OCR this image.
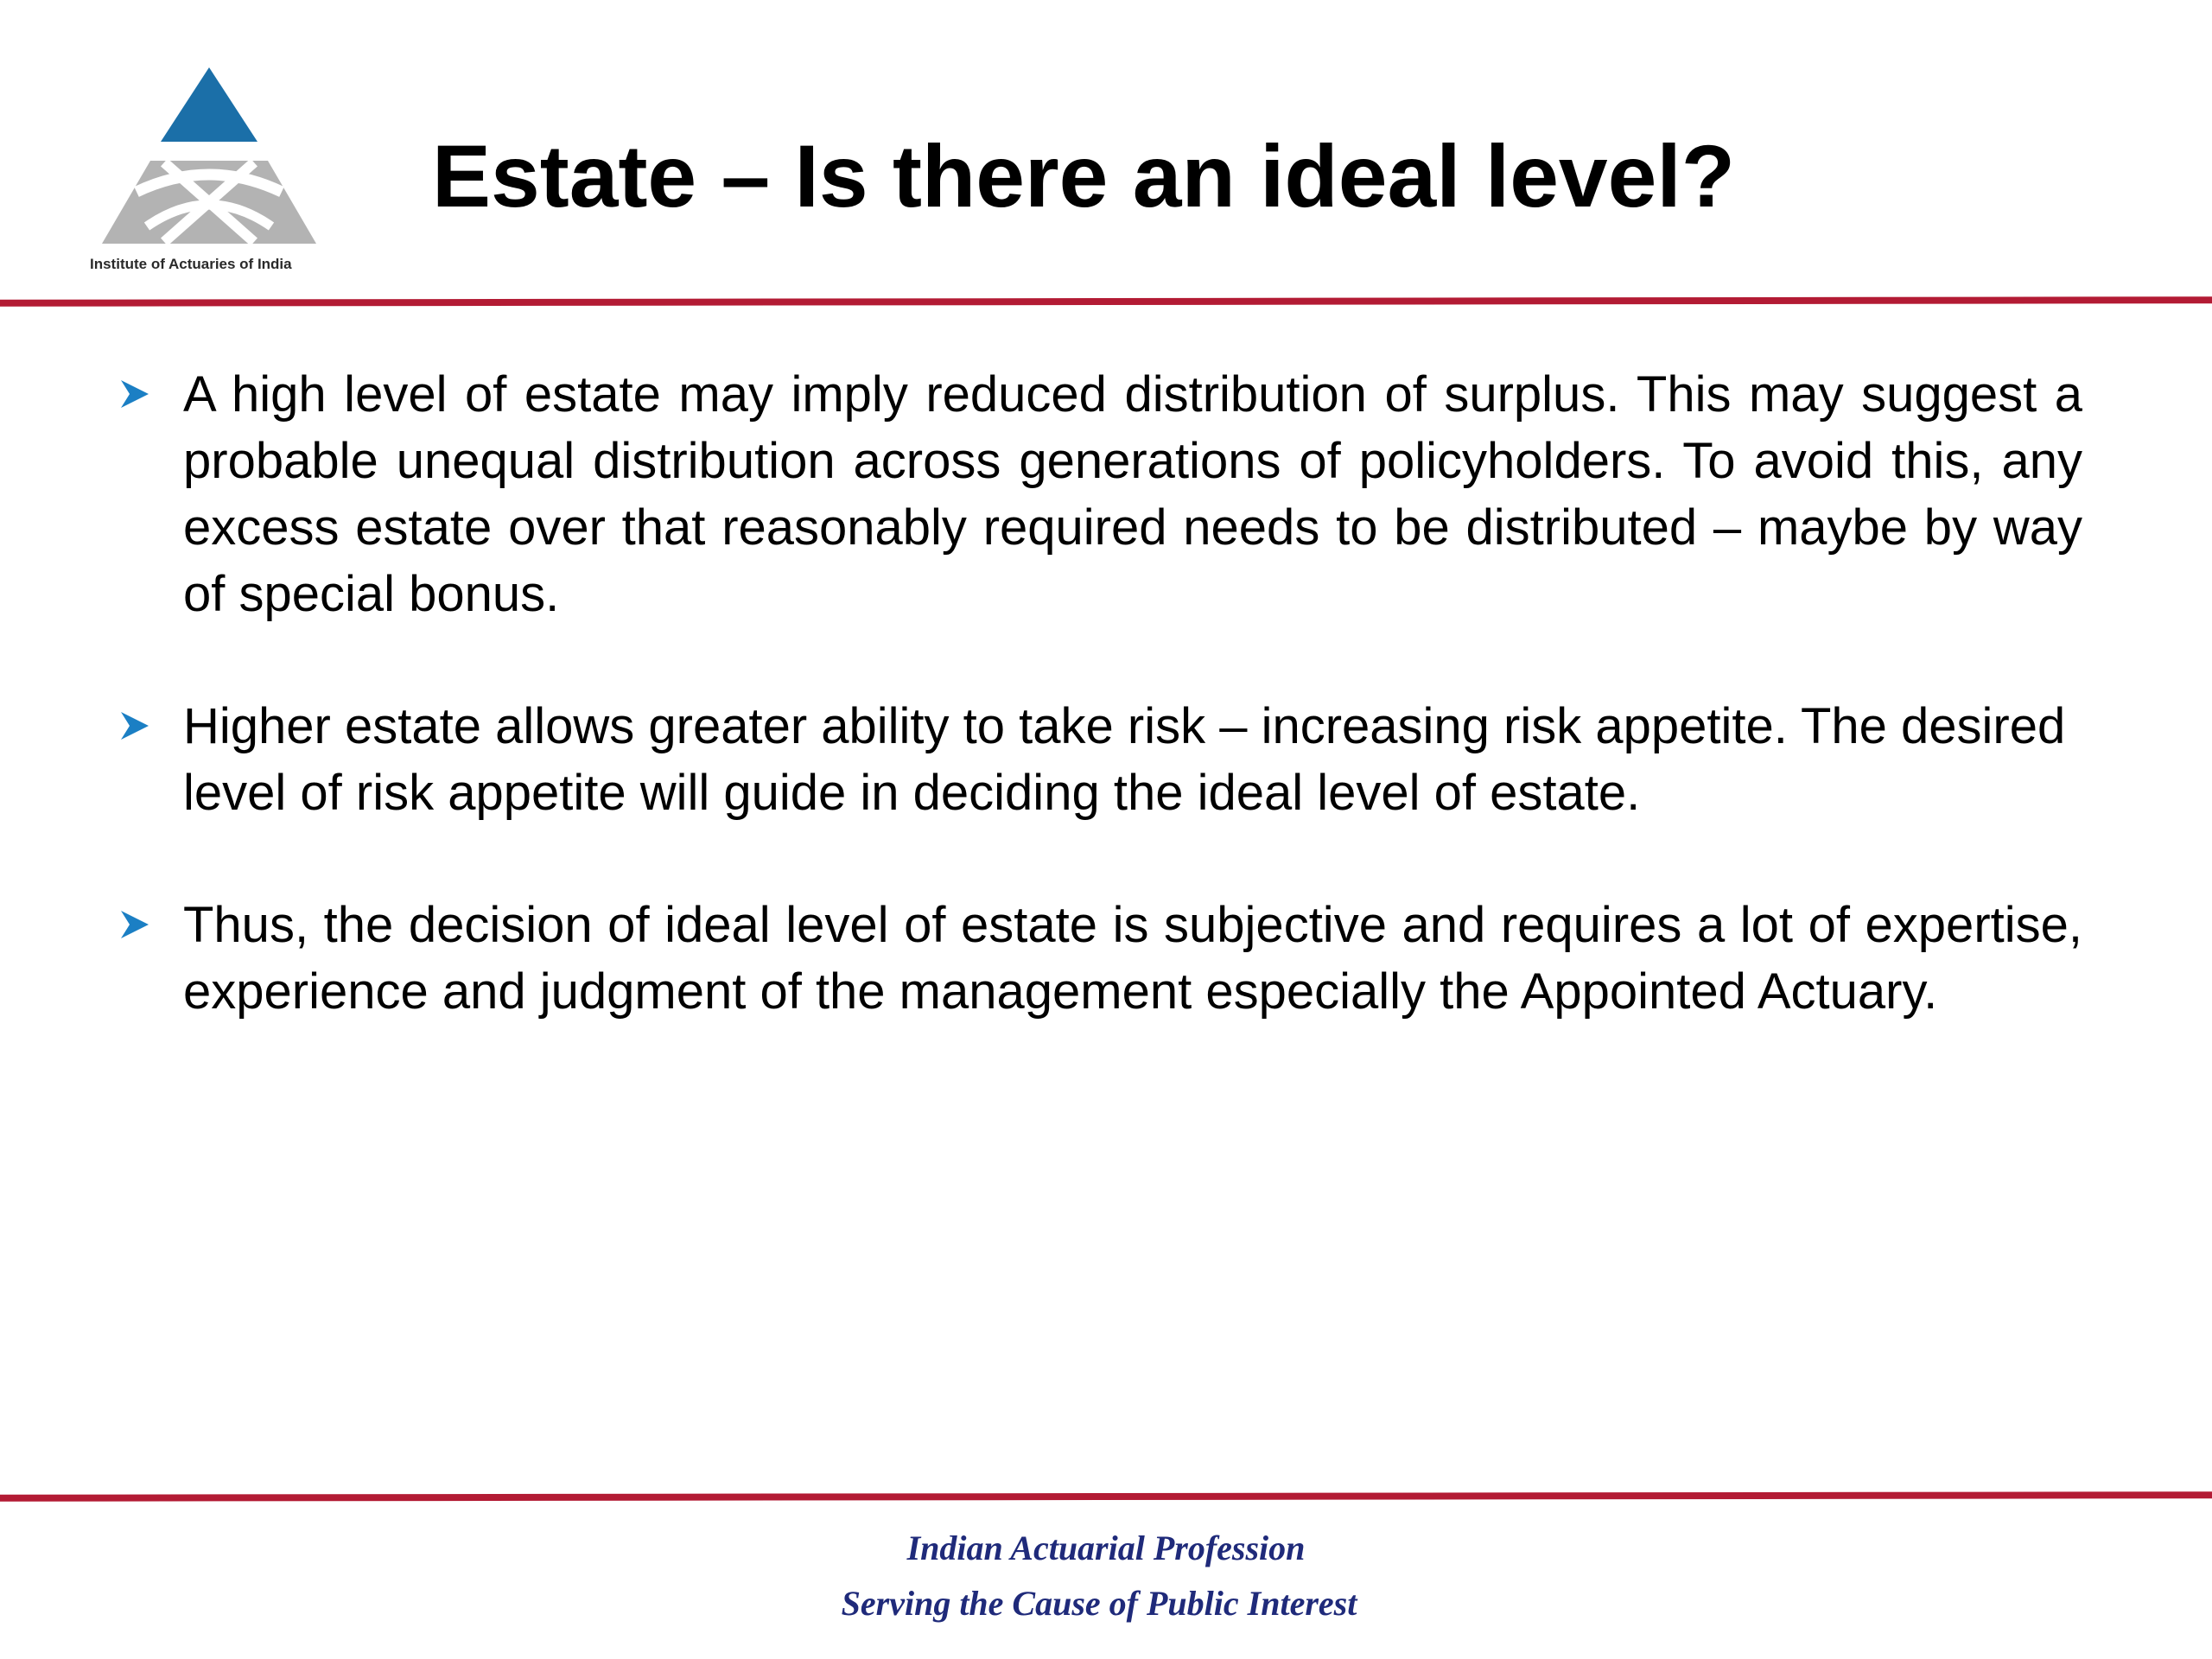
Institute of Actuaries of India
Estate – Is there an ideal level?
A high level of estate may imply reduced distribution of surplus. This may suggest a probable unequal distribution across generations of policyholders. To avoid this, any excess estate over that reasonably required needs to be distributed – maybe by way of special bonus.
Higher estate allows greater ability to take risk – increasing risk appetite. The desired level of risk appetite will guide in deciding the ideal level of estate.
Thus, the decision of ideal level of estate is subjective and requires a lot of expertise, experience and judgment of the management especially the Appointed Actuary.
Indian Actuarial Profession
Serving the Cause of Public Interest
